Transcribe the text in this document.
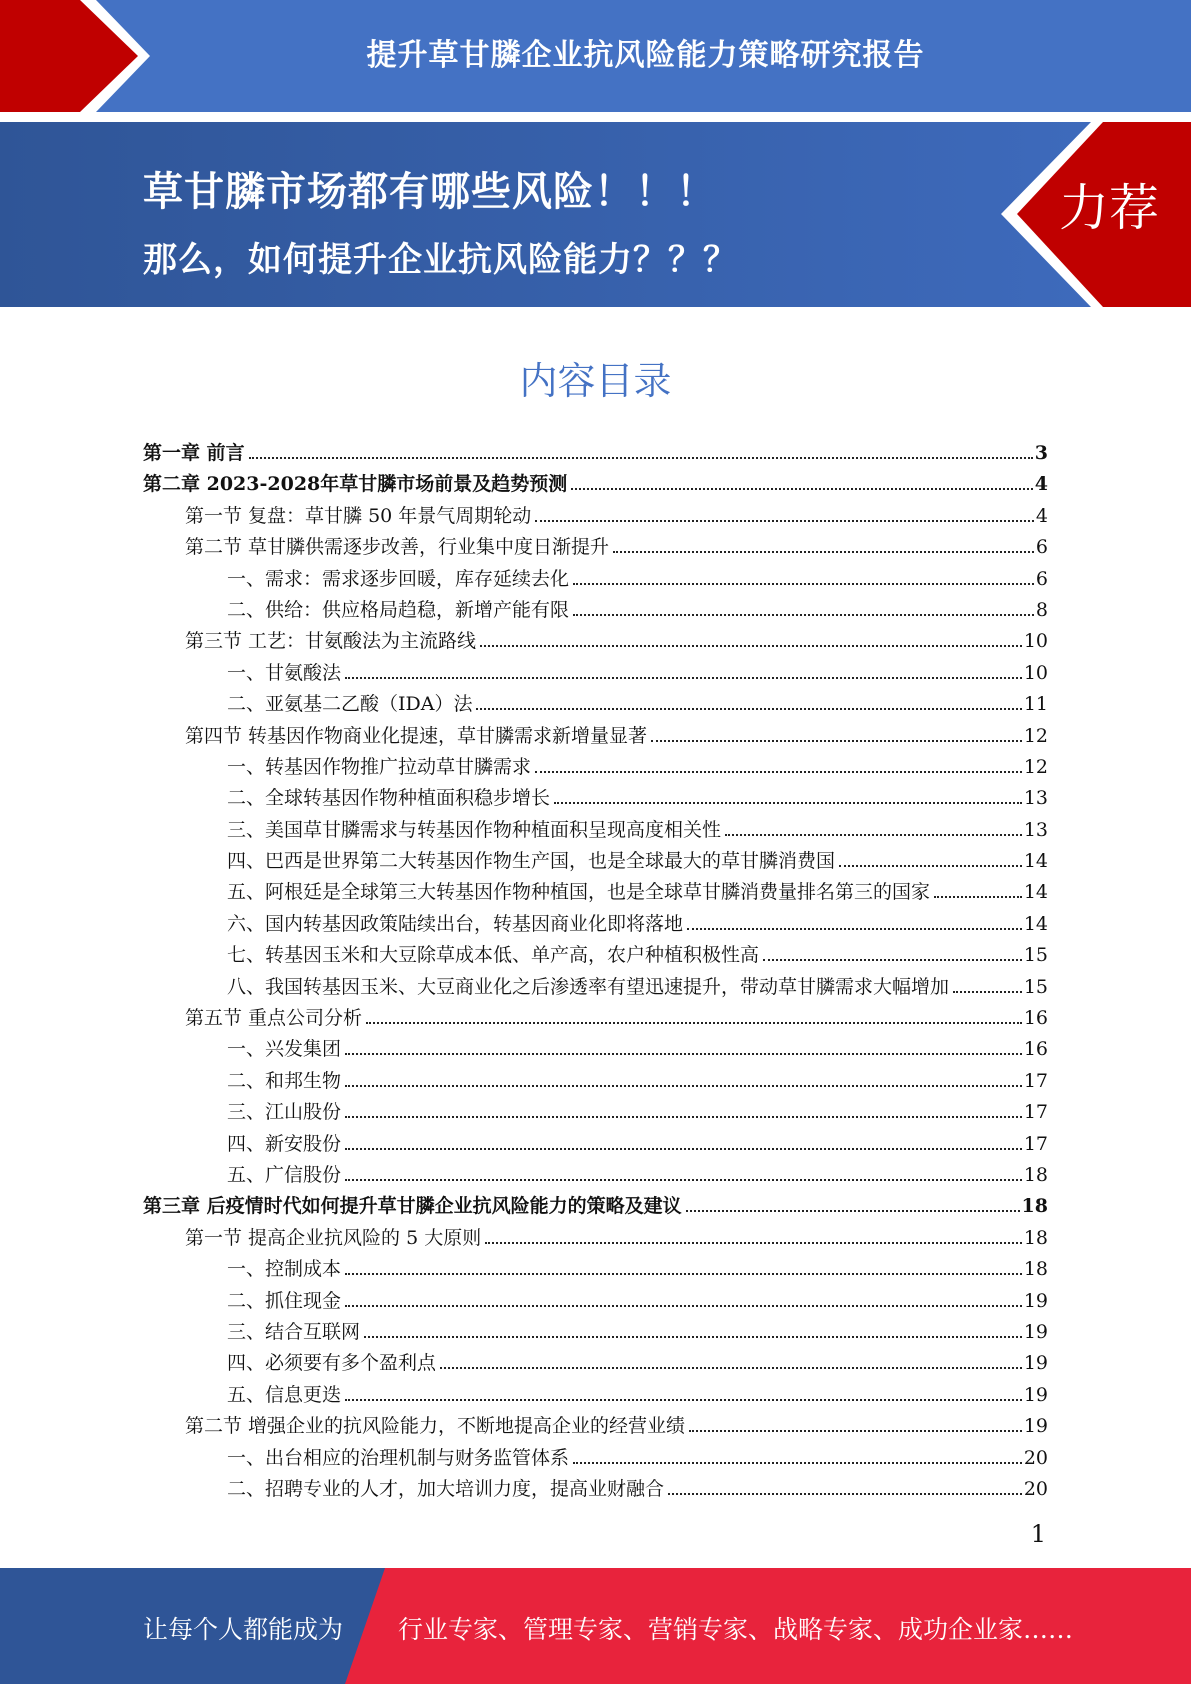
提升草甘膦企业抗风险能力策略研究报告
草甘膦市场都有哪些风险！！！
那么，如何提升企业抗风险能力？？？
力荐
内容目录
第一章 前言	3
第二章 2023-2028年草甘膦市场前景及趋势预测	4
第一节 复盘：草甘膦 50 年景气周期轮动	4
第二节 草甘膦供需逐步改善，行业集中度日渐提升	6
一、需求：需求逐步回暖，库存延续去化	6
二、供给：供应格局趋稳，新增产能有限	8
第三节 工艺：甘氨酸法为主流路线	10
一、甘氨酸法	10
二、亚氨基二乙酸（IDA）法	11
第四节 转基因作物商业化提速，草甘膦需求新增量显著	12
一、转基因作物推广拉动草甘膦需求	12
二、全球转基因作物种植面积稳步增长	13
三、美国草甘膦需求与转基因作物种植面积呈现高度相关性	13
四、巴西是世界第二大转基因作物生产国，也是全球最大的草甘膦消费国	14
五、阿根廷是全球第三大转基因作物种植国，也是全球草甘膦消费量排名第三的国家	14
六、国内转基因政策陆续出台，转基因商业化即将落地	14
七、转基因玉米和大豆除草成本低、单产高，农户种植积极性高	15
八、我国转基因玉米、大豆商业化之后渗透率有望迅速提升，带动草甘膦需求大幅增加	15
第五节 重点公司分析	16
一、兴发集团	16
二、和邦生物	17
三、江山股份	17
四、新安股份	17
五、广信股份	18
第三章 后疫情时代如何提升草甘膦企业抗风险能力的策略及建议	18
第一节 提高企业抗风险的 5 大原则	18
一、控制成本	18
二、抓住现金	19
三、结合互联网	19
四、必须要有多个盈利点	19
五、信息更迭	19
第二节 增强企业的抗风险能力，不断地提高企业的经营业绩	19
一、出台相应的治理机制与财务监管体系	20
二、招聘专业的人才，加大培训力度，提高业财融合	20
1
让每个人都能成为 行业专家、管理专家、营销专家、战略专家、成功企业家……
